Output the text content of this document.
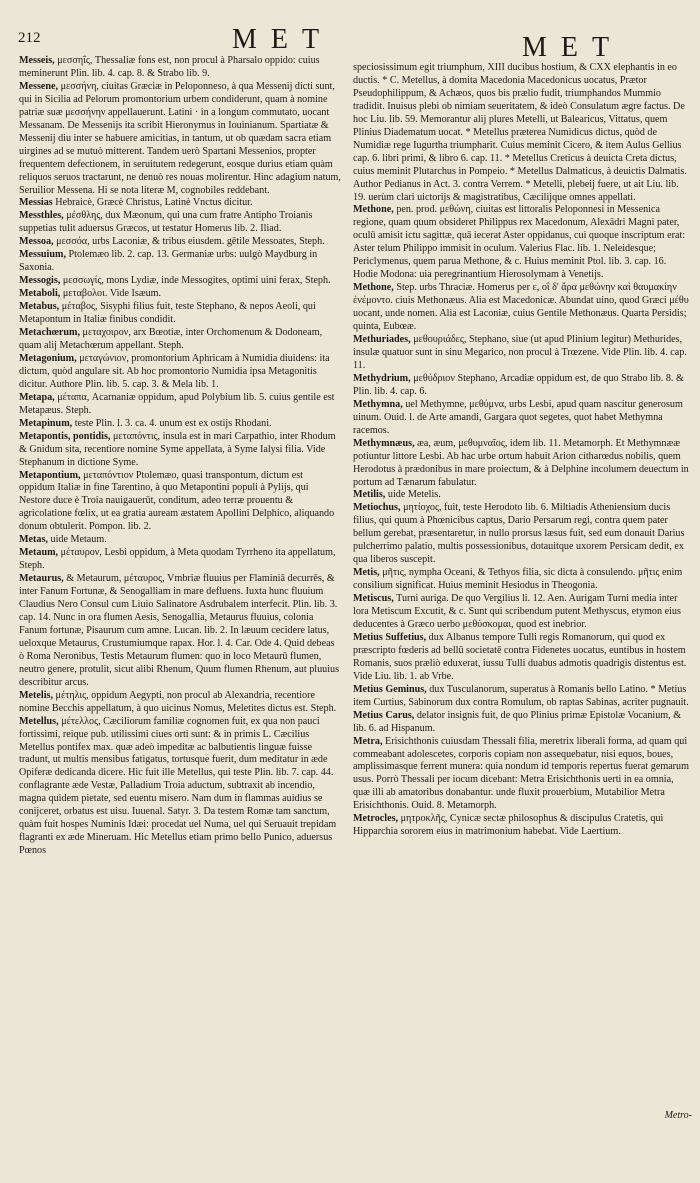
212	MET	MET

Messeis, μεσσηΐς, Thessaliæ fons est, non procul à Pharsalo oppido: cuius meminerunt Plin. lib. 4. cap. 8. & Strabo lib. 9.

Messene, μεσσήνη, ciuitas Græciæ in Peloponneso, à qua Messenij dicti sunt, qui in Sicilia ad Pelorum promontorium urbem condiderunt, quam à nomine patriæ suæ μεσσήνην appellauerunt. Latini · in a longum commutato, uocant Messanam. De Messenijs ita scribit Hieronymus in Iouinianum. Spartiatæ & Messenij diu inter se habuere amicitias, in tantum, ut ob quædam sacra etiam uirgines ad se mutuò mitterent. Tandem uerò Spartani Messenios, propter frequentem defectionem, in seruitutem redegerunt, eosque durius etiam quàm reliquos seruos tractarunt, ne denuò res nouas molirentur. Hinc adagium natum, Seruilior Messena. Hi se nota literæ M, cognobiles reddebant.

Messias Hebraicè, Græcè Christus, Latinè Vnctus dicitur.

Messthles, μέσθλης, dux Mæonum, qui una cum fratre Antipho Troianis suppetias tulit aduersus Græcos, ut testatur Homerus lib. 2. Iliad.

Messoa, μεσσόα, urbs Laconiæ, & tribus eiusdem. gētile Messoates, Steph.

Messuium, Ptolemæo lib. 2. cap. 13. Germaniæ urbs: uulgò Maydburg in Saxonia.

Messogis, μεσσωγίς, mons Lydiæ, inde Messogites, optimi uini ferax, Steph.

Metaboli, μεταβολοι. Vide Isæum.

Metabus, μέταβος, Sisyphi filius fuit, teste Stephano, & nepos Aeoli, qui Metapontum in Italiæ finibus condidit.

Metachœrum, μεταχοιρον, arx Bœotiæ, inter Orchomenum & Dodoneam, quam alij Metachœrum appellant. Steph.

Metagonium, μεταγώνιον, promontorium Aphricam à Numidia diuidens: ita dictum, quòd angulare sit. Ab hoc promontorio Numidia ipsa Metagonitis dicitur. Authore Plin. lib. 5. cap. 3. & Mela lib. 1.

Metapa, μέταπα, Acarnaniæ oppidum, apud Polybium lib. 5. cuius gentile est Metapæus. Steph.

Metapinum, teste Plin. l. 3. ca. 4. unum est ex ostijs Rhodani.

Metapontis, pontidis, μεταπόντις, insula est in mari Carpathio, inter Rhodum & Gnidum sita, recentiore nomine Syme appellata, à Syme Ialysi filia. Vide Stephanum in dictione Syme.

Metapontium, μεταπόντιον Ptolemæo, quasi transpontum, dictum est oppidum Italiæ in fine Tarentino, à quo Metapontini populi à Pylijs, qui Nestore duce è Troia nauigauerūt, conditum, adeo terræ prouentu & agricolatione fœlix, ut ea gratia auream æstatem Apollini Delphico, aliquando donum obtulerit. Pompon. lib. 2.

Metas, uide Metaum.

Metaum, μέταυρον, Lesbi oppidum, à Meta quodam Tyrrheno ita appellatum, Steph.

Metaurus, & Metaurum, μέταυρος, Vmbriæ fluuius per Flaminiā decurrēs, & inter Fanum Fortunæ, & Senogalliam in mare defluens. Iuxta hunc fluuium Claudius Nero Consul cum Liuio Salinatore Asdrubalem interfecit. Plin. lib. 3. cap. 14. Nunc in ora flumen Aesis, Senogallia, Metaurus fluuius, colonia Fanum fortunæ, Pisaurum cum amne. Lucan. lib. 2. In læuum cecidere latus, ueloxque Metaurus, Crustumiumque rapax. Hor. l. 4. Car. Ode 4. Quid debeas ò Roma Neronibus, Testis Metaurum flumen: quo in loco Metaurū flumen, neutro genere, protulit, sicut alibi Rhenum, Quum flumen Rhenum, aut pluuius describitur arcus.

Metelis, μέτηλις, oppidum Aegypti, non procul ab Alexandria, recentiore nomine Becchis appellatum, à quo uicinus Nomus, Meletites dictus est. Steph.

Metellus, μέτελλος, Cæciliorum familiæ cognomen fuit, ex qua non pauci fortissimi, reique pub. utilissimi ciues orti sunt: & in primis L. Cæcilius Metellus pontifex max. quæ adeò impeditæ ac balbutientis linguæ fuisse tradunt, ut multis mensibus fatigatus, tortusque fuerit, dum meditatur in æde Opiferæ dedicanda dicere. Hic fuit ille Metellus, qui teste Plin. lib. 7. cap. 44. conflagrante æde Vestæ, Palladium Troia aductum, subtraxit ab incendio, magna quidem pietate, sed euentu misero. Nam dum in flammas auidius se conijceret, orbatus est uisu. Iuuenal. Satyr. 3. Da testem Romæ tam sanctum, quàm fuit hospes Numinis Idæi: procedat uel Numa, uel qui Seruauit trepidam flagranti ex æde Mineruam. Hic Metellus etiam primo bello Punico, aduersus Pœnos

speciosissimum egit triumphum, XIII ducibus hostium, & CXX elephantis in eo ductis. * C. Metellus, à domita Macedonia Macedonicus uocatus, Prætor Pseudophilippum, & Achæos, quos bis prælio fudit, triumphandos Mummio tradidit. Inuisus plebi ob nimiam seueritatem, & ideò Consulatum ægre factus. De hoc Liu. lib. 59. Memorantur alij plures Metelli, ut Balearicus, Vittatus, quem Plinius Diadematum uocat. * Metellus præterea Numidicus dictus, quòd de Numidiæ rege Iugurtha triumpharit. Cuius meminit Cicero, & item Aulus Gellius cap. 6. libri primi, & libro 6. cap. 11. * Metellus Creticus à deuicta Creta dictus, cuius meminit Plutarchus in Pompeio. * Metellus Dalmaticus, à deuictis Dalmatis. Author Pedianus in Act. 3. contra Verrem. * Metelli, plebeij fuere, ut ait Liu. lib. 19. uerùm clari uictorijs & magistratibus, Cæcilijque omnes appellati.

Methone, pen. prod. μεθώνη, ciuitas est littoralis Peloponnesi in Messenica regione, quam quum obsideret Philippus rex Macedonum, Alexādri Magni pater, oculū amisit ictu sagittæ, quā iecerat Aster oppidanus, cui quoque inscriptum erat: Aster telum Philippo immisit in oculum. Valerius Flac. lib. 1. Neleidesque; Periclymenus, quem parua Methone, & c. Huius meminit Ptol. lib. 3. cap. 16. Hodie Modona: uia peregrinantium Hierosolymam à Venetijs.

Methone, Step. urbs Thraciæ. Homerus per ε, οἳ δ' ἄρα μεθώνην καὶ θαυμακίην ἐνέμοντο. ciuis Methonæus. Alia est Macedonicæ. Abundat uino, quod Græci μέθυ uocant, unde nomen. Alia est Laconiæ, cuius Gentile Methonæus. Quarta Persidis; quinta, Eubœæ.

Methuriades, μεθουριάδες, Stephano, siue (ut apud Plinium legitur) Methurides, insulæ quatuor sunt in sinu Megarico, non procul à Trœzene. Vide Plin. lib. 4. cap. 11.

Methydrium, μεθύδριον Stephano, Arcadiæ oppidum est, de quo Strabo lib. 8. & Plin. lib. 4. cap. 6.

Methymna, uel Methymne, μεθύμνα, urbs Lesbi, apud quam nascitur generosum uinum. Ouid. l. de Arte amandi, Gargara quot segetes, quot habet Methymna racemos.

Methymnæus, æa, æum, μεθυμναῖος, idem lib. 11. Metamorph. Et Methymnææ potiuntur littore Lesbi. Ab hac urbe ortum habuit Arion citharœdus nobilis, quem Herodotus à prædonibus in mare proiectum, & à Delphine incolumem deuectum in portum ad Tænarum fabulatur.

Metilis, uide Metelis.

Metiochus, μητίοχος, fuit, teste Herodoto lib. 6. Miltiadis Atheniensium ducis filius, qui quum à Phœnicibus captus, Dario Persarum regi, contra quem pater bellum gerebat, præsentaretur, in nullo prorsus læsus fuit, sed eum donauit Darius pulcherrimo palatio, multis possessionibus, dotauitque uxorem Persicam dedit, ex qua liberos suscepit.

Metis, μῆτις, nympha Oceani, & Tethyos filia, sic dicta à consulendo. μῆτις enim consilium significat. Huius meminit Hesiodus in Theogonia.

Metiscus, Turni auriga. De quo Vergilius li. 12. Aen. Aurigam Turni media inter lora Metiscum Excutit, & c. Sunt qui scribendum putent Methyscus, etymon eius deducentes à Græco uerbo μεθύσκομαι, quod est inebrior.

Metius Suffetius, dux Albanus tempore Tulli regis Romanorum, qui quod ex præscripto fœderis ad bellū societatē contra Fidenetes uocatus, euntibus in hostem Romanis, suos præliò eduxerat, iussu Tulli duabus admotis quadrigis distentus est. Vide Liu. lib. 1. ab Vrbe.

Metius Geminus, dux Tusculanorum, superatus à Romanis bello Latino. * Metius item Curtius, Sabinorum dux contra Romulum, ob raptas Sabinas, acriter pugnauit.

Metius Carus, delator insignis fuit, de quo Plinius primæ Epistolæ Vocanium, & lib. 6. ad Hispanum.

Metra, Erisichthonis cuiusdam Thessali filia, meretrix liberali forma, ad quam qui commeabant adolescetes, corporis copiam non assequebatur, nisi equos, boues, amplissimasque ferrent munera: quia nondum id temporis repertus fuerat gemarum usus. Porrò Thessali per iocum dicebant: Metra Erisichthonis uerti in ea omnia, quæ illi ab amatoribus donabantur. unde fluxit prouerbium, Mutabilior Metra Erisichthonis. Ouid. 8. Metamorph.

Metrocles, μητροκλῆς, Cynicæ sectæ philosophus & discipulus Cratetis, qui Hipparchia sororem eius in matrimonium habebat. Vide Laertium.

Metro-
